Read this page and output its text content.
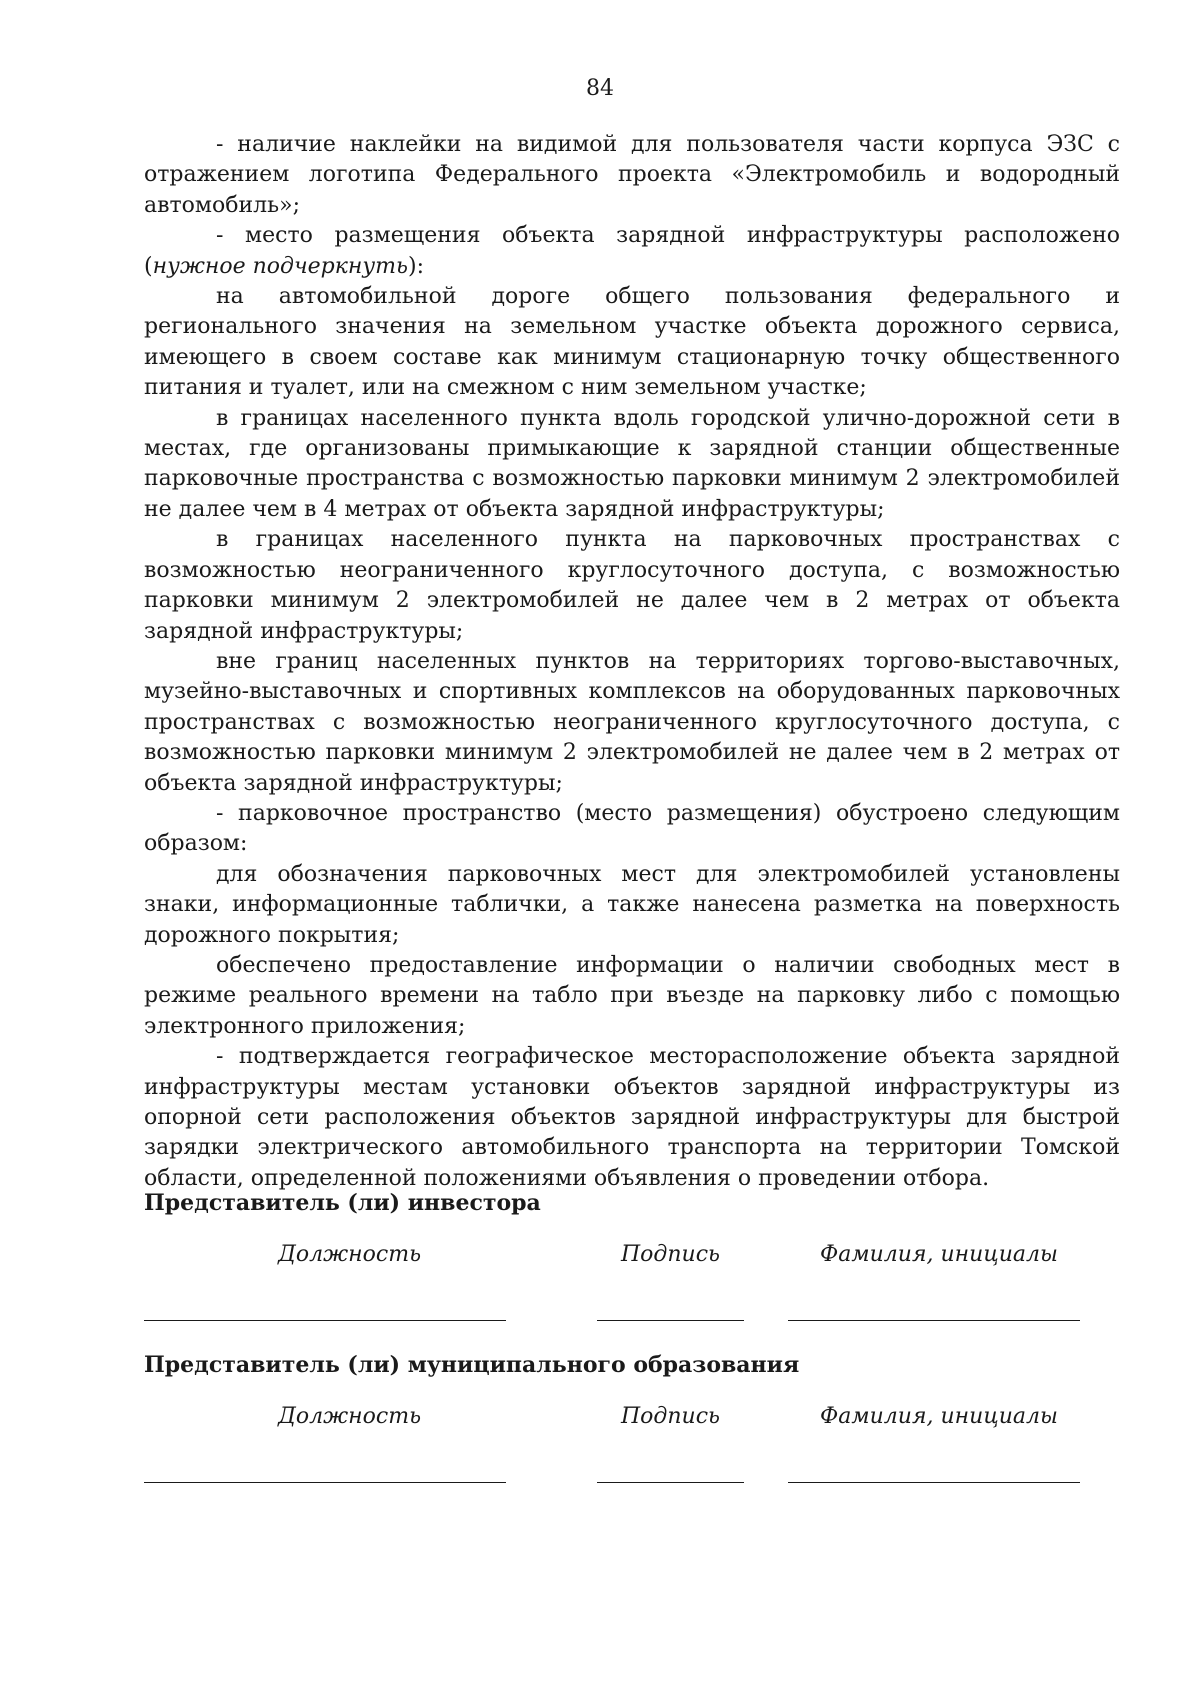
84

- наличие наклейки на видимой для пользователя части корпуса ЭЗС с отражением логотипа Федерального проекта «Электромобиль и водородный автомобиль»;

- место размещения объекта зарядной инфраструктуры расположено (нужное подчеркнуть):

на автомобильной дороге общего пользования федерального и регионального значения на земельном участке объекта дорожного сервиса, имеющего в своем составе как минимум стационарную точку общественного питания и туалет, или на смежном с ним земельном участке;

в границах населенного пункта вдоль городской улично-дорожной сети в местах, где организованы примыкающие к зарядной станции общественные парковочные пространства с возможностью парковки минимум 2 электромобилей не далее чем в 4 метрах от объекта зарядной инфраструктуры;

в границах населенного пункта на парковочных пространствах с возможностью неограниченного круглосуточного доступа, с возможностью парковки минимум 2 электромобилей не далее чем в 2 метрах от объекта зарядной инфраструктуры;

вне границ населенных пунктов на территориях торгово-выставочных, музейно-выставочных и спортивных комплексов на оборудованных парковочных пространствах с возможностью неограниченного круглосуточного доступа, с возможностью парковки минимум 2 электромобилей не далее чем в 2 метрах от объекта зарядной инфраструктуры;

- парковочное пространство (место размещения) обустроено следующим образом:

для обозначения парковочных мест для электромобилей установлены знаки, информационные таблички, а также нанесена разметка на поверхность дорожного покрытия;

обеспечено предоставление информации о наличии свободных мест в режиме реального времени на табло при въезде на парковку либо с помощью электронного приложения;

- подтверждается географическое месторасположение объекта зарядной инфраструктуры местам установки объектов зарядной инфраструктуры из опорной сети расположения объектов зарядной инфраструктуры для быстрой зарядки электрического автомобильного транспорта на территории Томской области, определенной положениями объявления о проведении отбора.

Представитель (ли) инвестора
Должность	Подпись	Фамилия, инициалы
Представитель (ли) муниципального образования
Должность	Подпись	Фамилия, инициалы
